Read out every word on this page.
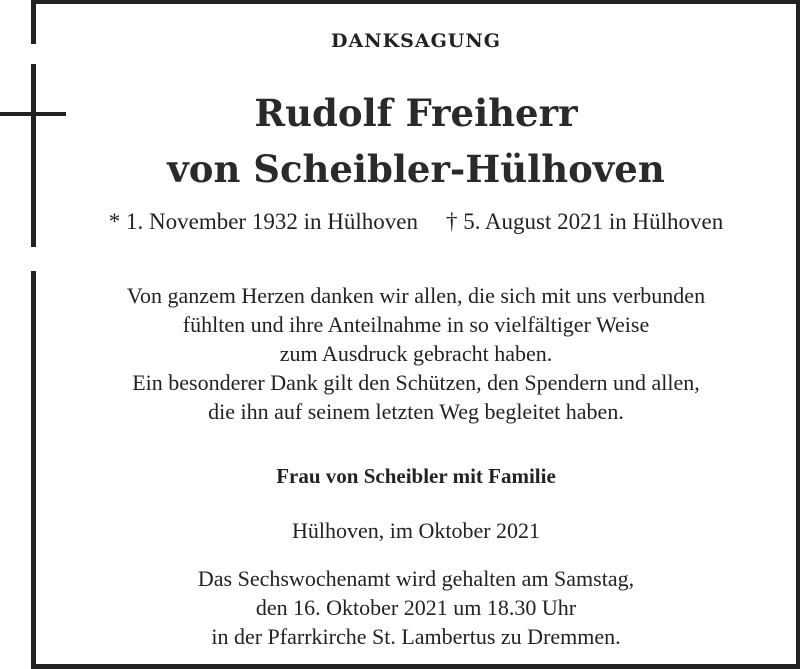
DANKSAGUNG
Rudolf Freiherr
von Scheibler-Hülhoven
* 1. November 1932 in Hülhoven † 5. August 2021 in Hülhoven
Von ganzem Herzen danken wir allen, die sich mit uns verbunden
fühlten und ihre Anteilnahme in so vielfältiger Weise
zum Ausdruck gebracht haben.
Ein besonderer Dank gilt den Schützen, den Spendern und allen,
die ihn auf seinem letzten Weg begleitet haben.
Frau von Scheibler mit Familie
Hülhoven, im Oktober 2021
Das Sechswochenamt wird gehalten am Samstag,
den 16. Oktober 2021 um 18.30 Uhr
in der Pfarrkirche St. Lambertus zu Dremmen.
